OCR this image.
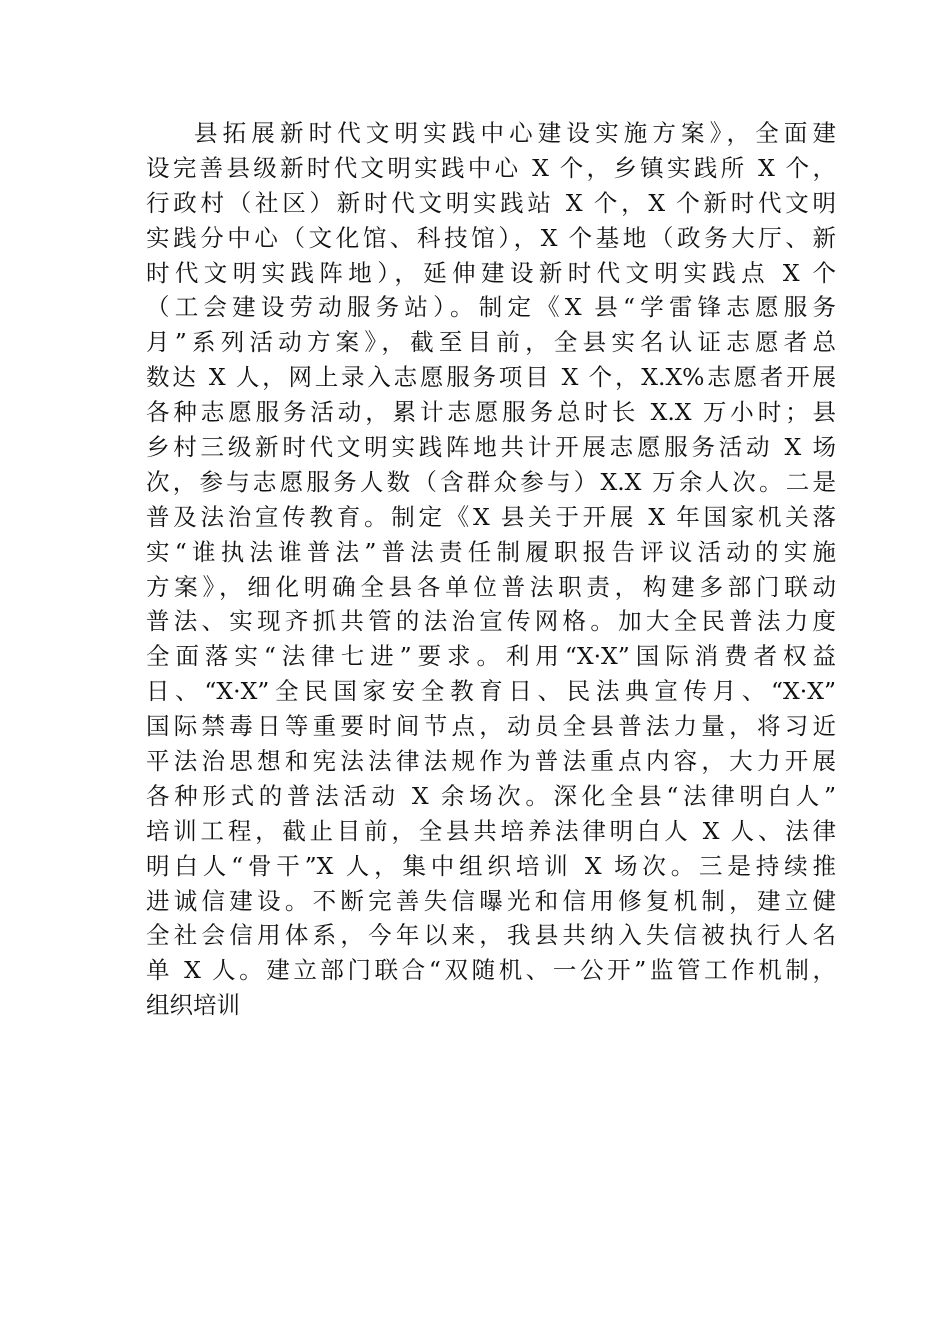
县拓展新时代文明实践中心建设实施方案》，全面建
设完善县级新时代文明实践中心 X 个，乡镇实践所 X 个，
行政村（社区）新时代文明实践站 X 个，X 个新时代文明
实践分中心（文化馆、科技馆），X 个基地（政务大厅、新
时代文明实践阵地），延伸建设新时代文明实践点 X 个
（工会建设劳动服务站）。制定《X 县“学雷锋志愿服务
月”系列活动方案》，截至目前，全县实名认证志愿者总
数达 X 人，网上录入志愿服务项目 X 个，X.X%志愿者开展
各种志愿服务活动，累计志愿服务总时长 X.X 万小时；县
乡村三级新时代文明实践阵地共计开展志愿服务活动 X 场
次，参与志愿服务人数（含群众参与）X.X 万余人次。二是
普及法治宣传教育。制定《X 县关于开展 X 年国家机关落
实“谁执法谁普法”普法责任制履职报告评议活动的实施
方案》，细化明确全县各单位普法职责，构建多部门联动
普法、实现齐抓共管的法治宣传网格。加大全民普法力度
全面落实“法律七进”要求。利用“X·X”国际消费者权益
日、“X·X”全民国家安全教育日、民法典宣传月、“X·X”
国际禁毒日等重要时间节点，动员全县普法力量，将习近
平法治思想和宪法法律法规作为普法重点内容，大力开展
各种形式的普法活动 X 余场次。深化全县“法律明白人”
培训工程，截止目前，全县共培养法律明白人 X 人、法律
明白人“骨干”X 人，集中组织培训 X 场次。三是持续推
进诚信建设。不断完善失信曝光和信用修复机制，建立健
全社会信用体系，今年以来，我县共纳入失信被执行人名
单 X 人。建立部门联合“双随机、一公开”监管工作机制，
组织培训
